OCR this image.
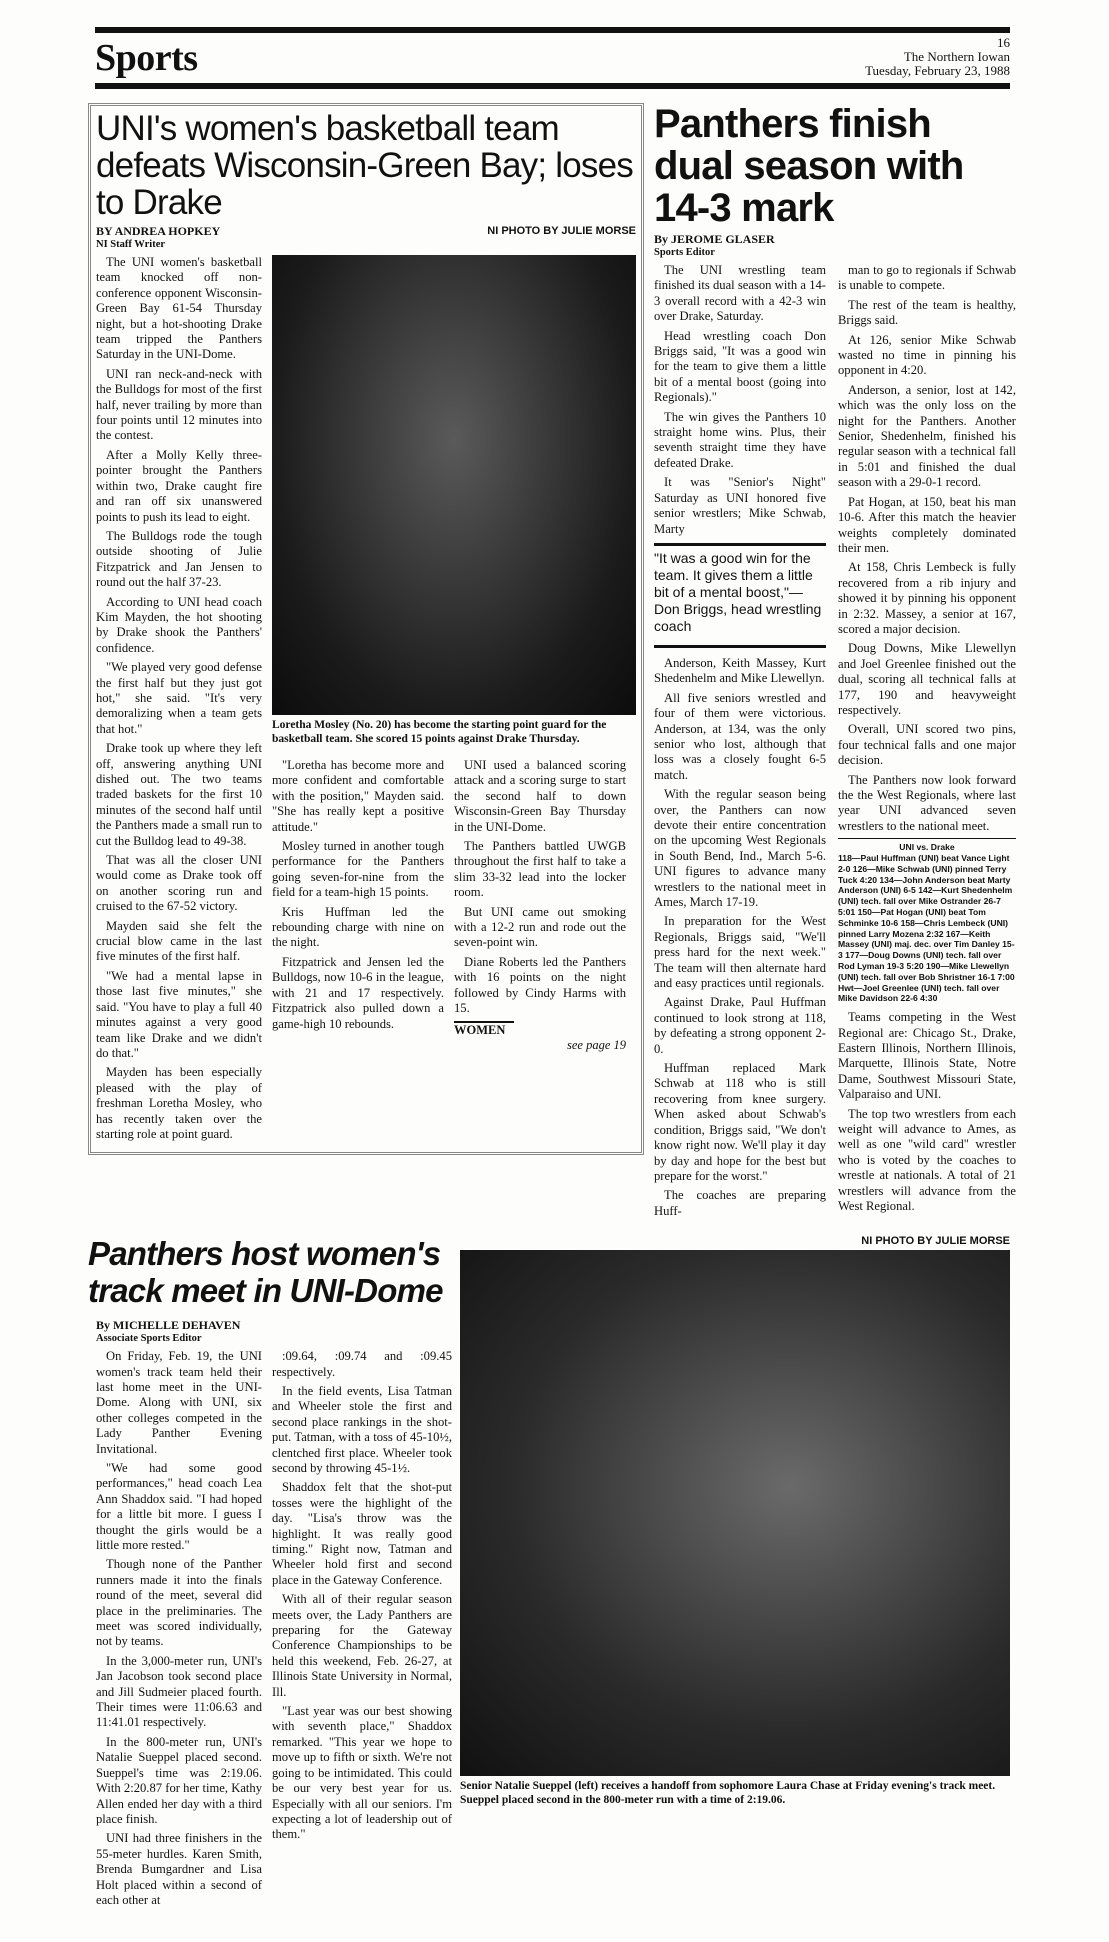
Sports	16
The Northern Iowan
Tuesday, February 23, 1988
UNI's women's basketball team defeats Wisconsin-Green Bay; loses to Drake
BY ANDREA HOPKEY
NI Staff Writer
NI PHOTO BY JULIE MORSE

The UNI women's basketball team knocked off non-conference opponent Wisconsin-Green Bay 61-54 Thursday night, but a hot-shooting Drake team tripped the Panthers Saturday in the UNI-Dome.

UNI ran neck-and-neck with the Bulldogs for most of the first half, never trailing by more than four points until 12 minutes into the contest.

After a Molly Kelly three-pointer brought the Panthers within two, Drake caught fire and ran off six unanswered points to push its lead to eight.

The Bulldogs rode the tough outside shooting of Julie Fitzpatrick and Jan Jensen to round out the half 37-23.

According to UNI head coach Kim Mayden, the hot shooting by Drake shook the Panthers' confidence.

"We played very good defense the first half but they just got hot," she said. "It's very demoralizing when a team gets that hot."

Drake took up where they left off, answering anything UNI dished out. The two teams traded baskets for the first 10 minutes of the second half until the Panthers made a small run to cut the Bulldog lead to 49-38.

That was all the closer UNI would come as Drake took off on another scoring run and cruised to the 67-52 victory.

Mayden said she felt the crucial blow came in the last five minutes of the first half.

"We had a mental lapse in those last five minutes," she said. "You have to play a full 40 minutes against a very good team like Drake and we didn't do that."

Mayden has been especially pleased with the play of freshman Loretha Mosley, who has recently taken over the starting role at point guard.

Loretha Mosley (No. 20) has become the starting point guard for the basketball team. She scored 15 points against Drake Thursday.

"Loretha has become more and more confident and comfortable with the position," Mayden said. "She has really kept a positive attitude."

Mosley turned in another tough performance for the Panthers going seven-for-nine from the field for a team-high 15 points.

Kris Huffman led the rebounding charge with nine on the night.

Fitzpatrick and Jensen led the Bulldogs, now 10-6 in the league, with 21 and 17 respectively. Fitzpatrick also pulled down a game-high 10 rebounds.

UNI used a balanced scoring attack and a scoring surge to start the second half to down Wisconsin-Green Bay Thursday in the UNI-Dome.

The Panthers battled UWGB throughout the first half to take a slim 33-32 lead into the locker room.

But UNI came out smoking with a 12-2 run and rode out the seven-point win.

Diane Roberts led the Panthers with 16 points on the night followed by Cindy Harms with 15.

WOMEN
see page 19
Panthers finish dual season with 14-3 mark
By JEROME GLASER
Sports Editor

The UNI wrestling team finished its dual season with a 14-3 overall record with a 42-3 win over Drake, Saturday.

Head wrestling coach Don Briggs said, "It was a good win for the team to give them a little bit of a mental boost (going into Regionals)."

The win gives the Panthers 10 straight home wins. Plus, their seventh straight time they have defeated Drake.

It was "Senior's Night" Saturday as UNI honored five senior wrestlers; Mike Schwab, Marty

"It was a good win for the team. It gives them a little bit of a mental boost,"— Don Briggs, head wrestling coach

Anderson, Keith Massey, Kurt Shedenhelm and Mike Llewellyn.

All five seniors wrestled and four of them were victorious. Anderson, at 134, was the only senior who lost, although that loss was a closely fought 6-5 match.

With the regular season being over, the Panthers can now devote their entire concentration on the upcoming West Regionals in South Bend, Ind., March 5-6. UNI figures to advance many wrestlers to the national meet in Ames, March 17-19.

In preparation for the West Regionals, Briggs said, "We'll press hard for the next week." The team will then alternate hard and easy practices until regionals.

Against Drake, Paul Huffman continued to look strong at 118, by defeating a strong opponent 2-0.

Huffman replaced Mark Schwab at 118 who is still recovering from knee surgery. When asked about Schwab's condition, Briggs said, "We don't know right now. We'll play it day by day and hope for the best but prepare for the worst."

The coaches are preparing Huff-

man to go to regionals if Schwab is unable to compete.

The rest of the team is healthy, Briggs said.

At 126, senior Mike Schwab wasted no time in pinning his opponent in 4:20.

Anderson, a senior, lost at 142, which was the only loss on the night for the Panthers. Another Senior, Shedenhelm, finished his regular season with a technical fall in 5:01 and finished the dual season with a 29-0-1 record.

Pat Hogan, at 150, beat his man 10-6. After this match the heavier weights completely dominated their men.

At 158, Chris Lembeck is fully recovered from a rib injury and showed it by pinning his opponent in 2:32. Massey, a senior at 167, scored a major decision.

Doug Downs, Mike Llewellyn and Joel Greenlee finished out the dual, scoring all technical falls at 177, 190 and heavyweight respectively.

Overall, UNI scored two pins, four technical falls and one major decision.

The Panthers now look forward the the West Regionals, where last year UNI advanced seven wrestlers to the national meet.

UNI vs. Drake
118—Paul Huffman (UNI) beat Vance Light 2-0 126—Mike Schwab (UNI) pinned Terry Tuck 4:20 134—John Anderson beat Marty Anderson (UNI) 6-5 142—Kurt Shedenhelm (UNI) tech. fall over Mike Ostrander 26-7 5:01 150—Pat Hogan (UNI) beat Tom Schminke 10-6 158—Chris Lembeck (UNI) pinned Larry Mozena 2:32 167—Keith Massey (UNI) maj. dec. over Tim Danley 15-3 177—Doug Downs (UNI) tech. fall over Rod Lyman 19-3 5:20 190—Mike Llewellyn (UNI) tech. fall over Bob Shristner 16-1 7:00 Hwt—Joel Greenlee (UNI) tech. fall over Mike Davidson 22-6 4:30

Teams competing in the West Regional are: Chicago St., Drake, Eastern Illinois, Northern Illinois, Marquette, Illinois State, Notre Dame, Southwest Missouri State, Valparaiso and UNI.

The top two wrestlers from each weight will advance to Ames, as well as one "wild card" wrestler who is voted by the coaches to wrestle at nationals. A total of 21 wrestlers will advance from the West Regional.

Panthers host women's track meet in UNI-Dome
By MICHELLE DEHAVEN
Associate Sports Editor

On Friday, Feb. 19, the UNI women's track team held their last home meet in the UNI-Dome. Along with UNI, six other colleges competed in the Lady Panther Evening Invitational.

"We had some good performances," head coach Lea Ann Shaddox said. "I had hoped for a little bit more. I guess I thought the girls would be a little more rested."

Though none of the Panther runners made it into the finals round of the meet, several did place in the preliminaries. The meet was scored individually, not by teams.

In the 3,000-meter run, UNI's Jan Jacobson took second place and Jill Sudmeier placed fourth. Their times were 11:06.63 and 11:41.01 respectively.

In the 800-meter run, UNI's Natalie Sueppel placed second. Sueppel's time was 2:19.06. With 2:20.87 for her time, Kathy Allen ended her day with a third place finish.

UNI had three finishers in the 55-meter hurdles. Karen Smith, Brenda Bumgardner and Lisa Holt placed within a second of each other at

:09.64, :09.74 and :09.45 respectively.

In the field events, Lisa Tatman and Wheeler stole the first and second place rankings in the shot-put. Tatman, with a toss of 45-10½, clentched first place. Wheeler took second by throwing 45-1½.

Shaddox felt that the shot-put tosses were the highlight of the day. "Lisa's throw was the highlight. It was really good timing." Right now, Tatman and Wheeler hold first and second place in the Gateway Conference.

With all of their regular season meets over, the Lady Panthers are preparing for the Gateway Conference Championships to be held this weekend, Feb. 26-27, at Illinois State University in Normal, Ill.

"Last year was our best showing with seventh place," Shaddox remarked. "This year we hope to move up to fifth or sixth. We're not going to be intimidated. This could be our very best year for us. Especially with all our seniors. I'm expecting a lot of leadership out of them."

NI PHOTO BY JULIE MORSE
Senior Natalie Sueppel (left) receives a handoff from sophomore Laura Chase at Friday evening's track meet. Sueppel placed second in the 800-meter run with a time of 2:19.06.
